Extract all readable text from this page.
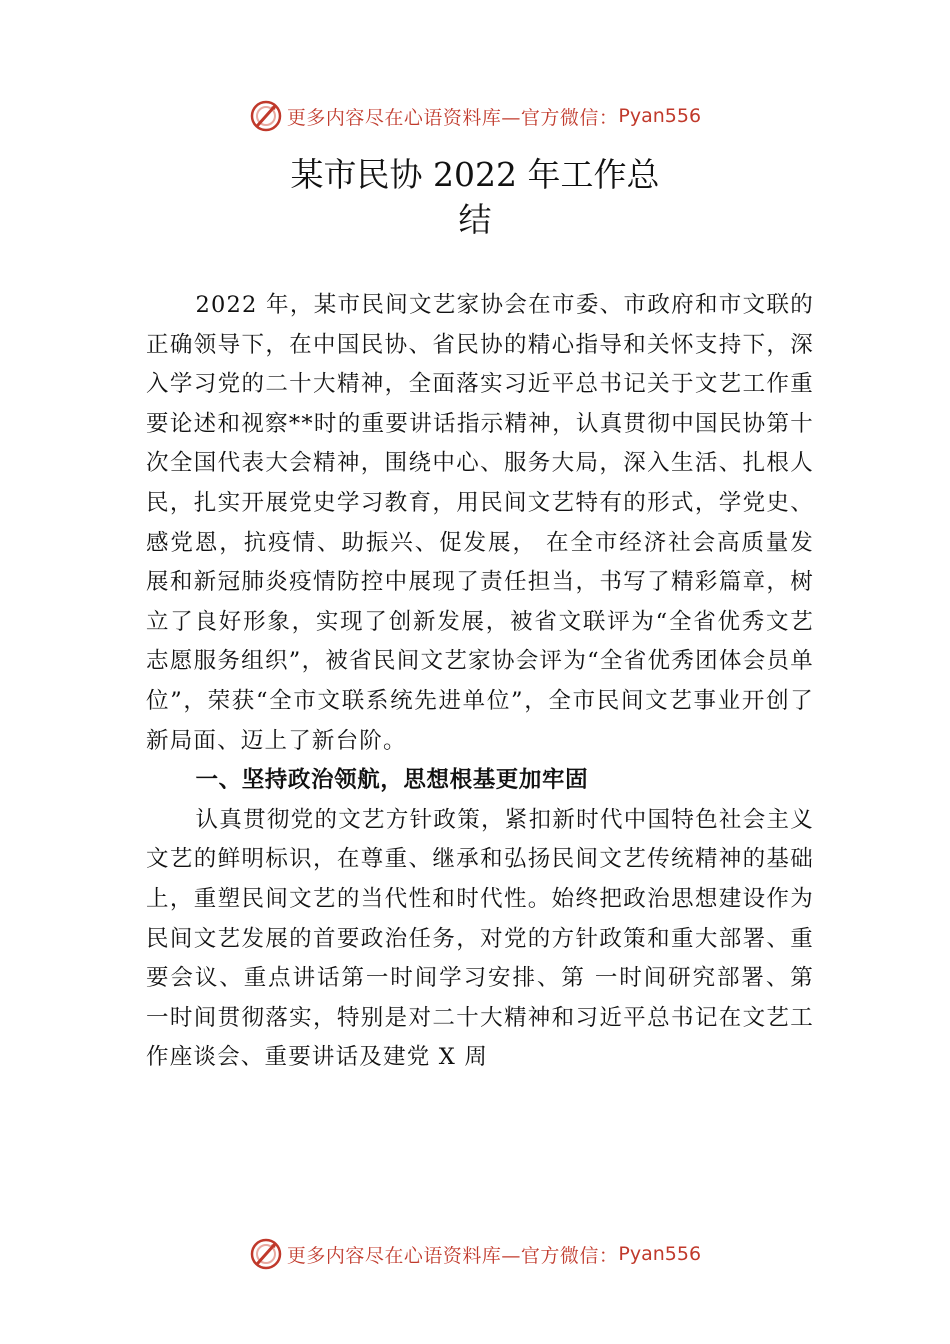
更多内容尽在心语资料库—官方微信： Pyan556
某市民协 2022 年工作总
结

2022 年，某市民间文艺家协会在市委、市政府和市文联的正确领导下，在中国民协、省民协的精心指导和关怀支持下，深入学习党的二十大精神，全面落实习近平总书记关于文艺工作重要论述和视察**时的重要讲话指示精神，认真贯彻中国民协第十次全国代表大会精神，围绕中心、服务大局，深入生活、扎根人民，扎实开展党史学习教育，用民间文艺特有的形式，学党史、感党恩，抗疫情、助振兴、促发展， 在全市经济社会高质量发展和新冠肺炎疫情防控中展现了责任担当，书写了精彩篇章，树立了良好形象，实现了创新发展，被省文联评为“全省优秀文艺志愿服务组织”，被省民间文艺家协会评为“全省优秀团体会员单位”，荣获“全市文联系统先进单位”，全市民间文艺事业开创了新局面、迈上了新台阶。

一、坚持政治领航，思想根基更加牢固

认真贯彻党的文艺方针政策，紧扣新时代中国特色社会主义文艺的鲜明标识，在尊重、继承和弘扬民间文艺传统精神的基础上，重塑民间文艺的当代性和时代性。始终把政治思想建设作为民间文艺发展的首要政治任务，对党的方针政策和重大部署、重要会议、重点讲话第一时间学习安排、第 一时间研究部署、第一时间贯彻落实，特别是对二十大精神和习近平总书记在文艺工作座谈会、重要讲话及建党 X 周

更多内容尽在心语资料库—官方微信： Pyan556
